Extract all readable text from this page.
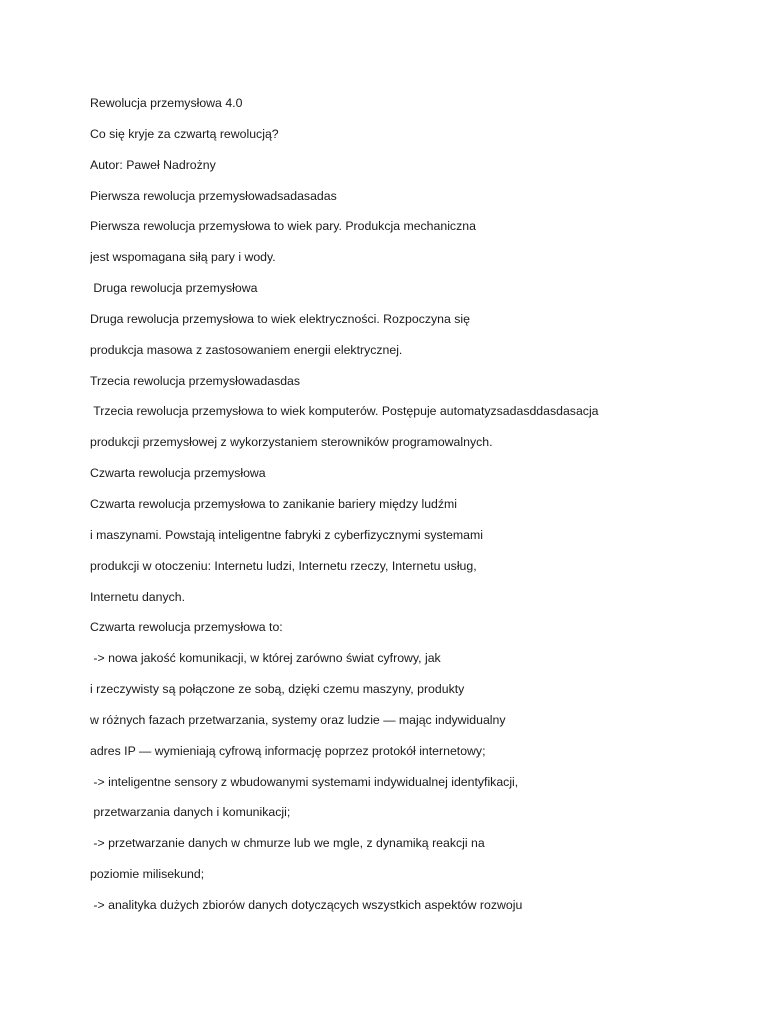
Rewolucja przemysłowa 4.0
Co się kryje za czwartą rewolucją?
Autor: Paweł Nadrożny
Pierwsza rewolucja przemysłowadsadasadas
Pierwsza rewolucja przemysłowa to wiek pary. Produkcja mechaniczna
jest wspomagana siłą pary i wody.
Druga rewolucja przemysłowa
Druga rewolucja przemysłowa to wiek elektryczności. Rozpoczyna się
produkcja masowa z zastosowaniem energii elektrycznej.
Trzecia rewolucja przemysłowadasdas
Trzecia rewolucja przemysłowa to wiek komputerów. Postępuje automatyzsadasddasdasacja
produkcji przemysłowej z wykorzystaniem sterowników programowalnych.
Czwarta rewolucja przemysłowa
Czwarta rewolucja przemysłowa to zanikanie bariery między ludźmi
i maszynami. Powstają inteligentne fabryki z cyberfizycznymi systemami
produkcji w otoczeniu: Internetu ludzi, Internetu rzeczy, Internetu usług,
Internetu danych.
Czwarta rewolucja przemysłowa to:
-> nowa jakość komunikacji, w której zarówno świat cyfrowy, jak
i rzeczywisty są połączone ze sobą, dzięki czemu maszyny, produkty
w różnych fazach przetwarzania, systemy oraz ludzie — mając indywidualny
adres IP — wymieniają cyfrową informację poprzez protokół internetowy;
-> inteligentne sensory z wbudowanymi systemami indywidualnej identyfikacji,
przetwarzania danych i komunikacji;
-> przetwarzanie danych w chmurze lub we mgle, z dynamiką reakcji na
poziomie milisekund;
-> analityka dużych zbiorów danych dotyczących wszystkich aspektów rozwoju
